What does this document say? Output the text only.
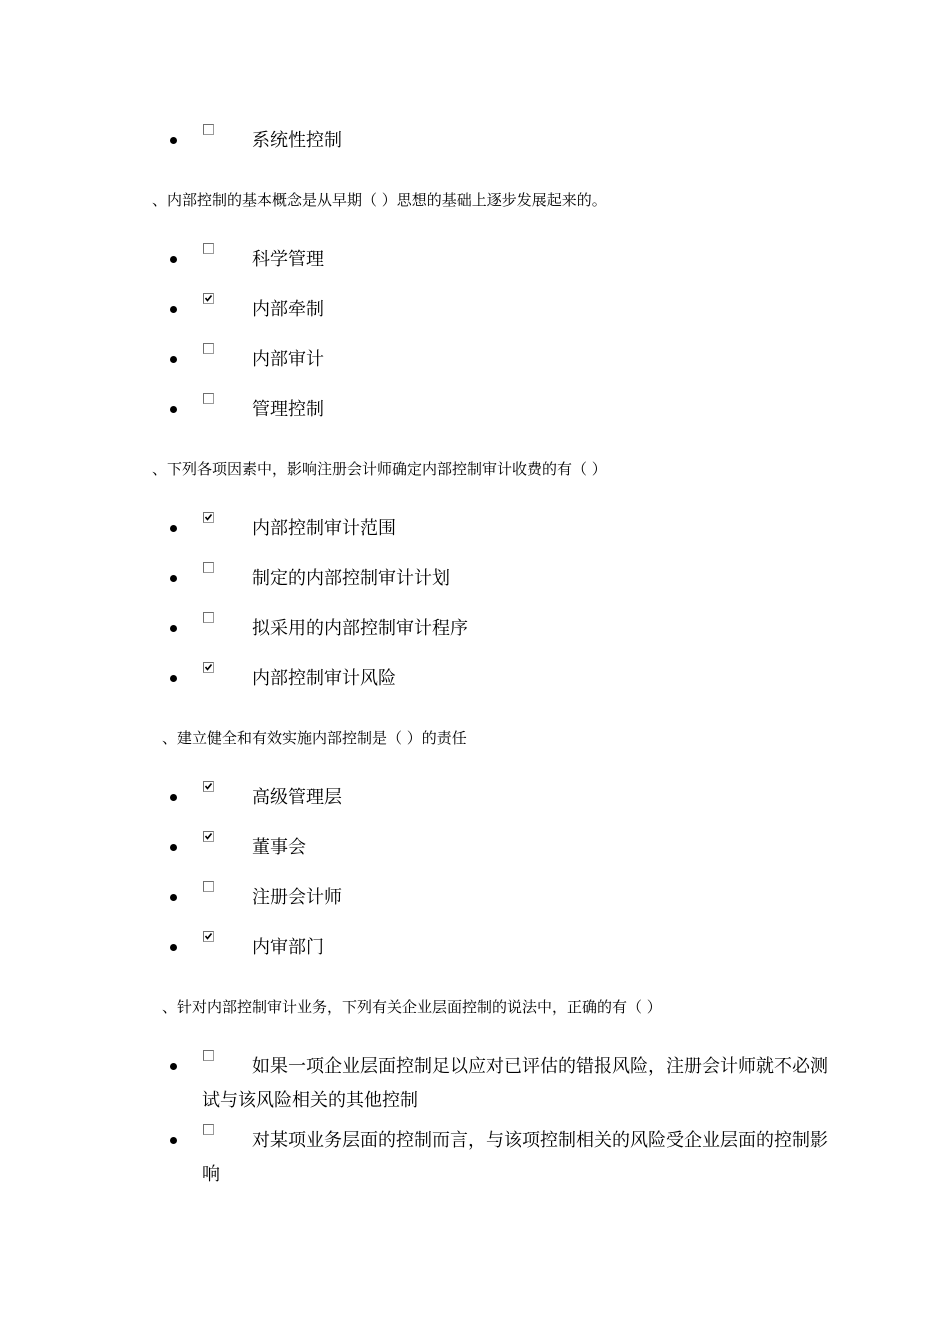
系统性控制
、内部控制的基本概念是从早期（ ）思想的基础上逐步发展起来的。
科学管理
内部牵制
内部审计
管理控制
、下列各项因素中，影响注册会计师确定内部控制审计收费的有（ ）
内部控制审计范围
制定的内部控制审计计划
拟采用的内部控制审计程序
内部控制审计风险
、建立健全和有效实施内部控制是（ ）的责任
高级管理层
董事会
注册会计师
内审部门
、针对内部控制审计业务，下列有关企业层面控制的说法中，正确的有（ ）
如果一项企业层面控制足以应对已评估的错报风险，注册会计师就不必测试与该风险相关的其他控制
对某项业务层面的控制而言，与该项控制相关的风险受企业层面的控制影响
